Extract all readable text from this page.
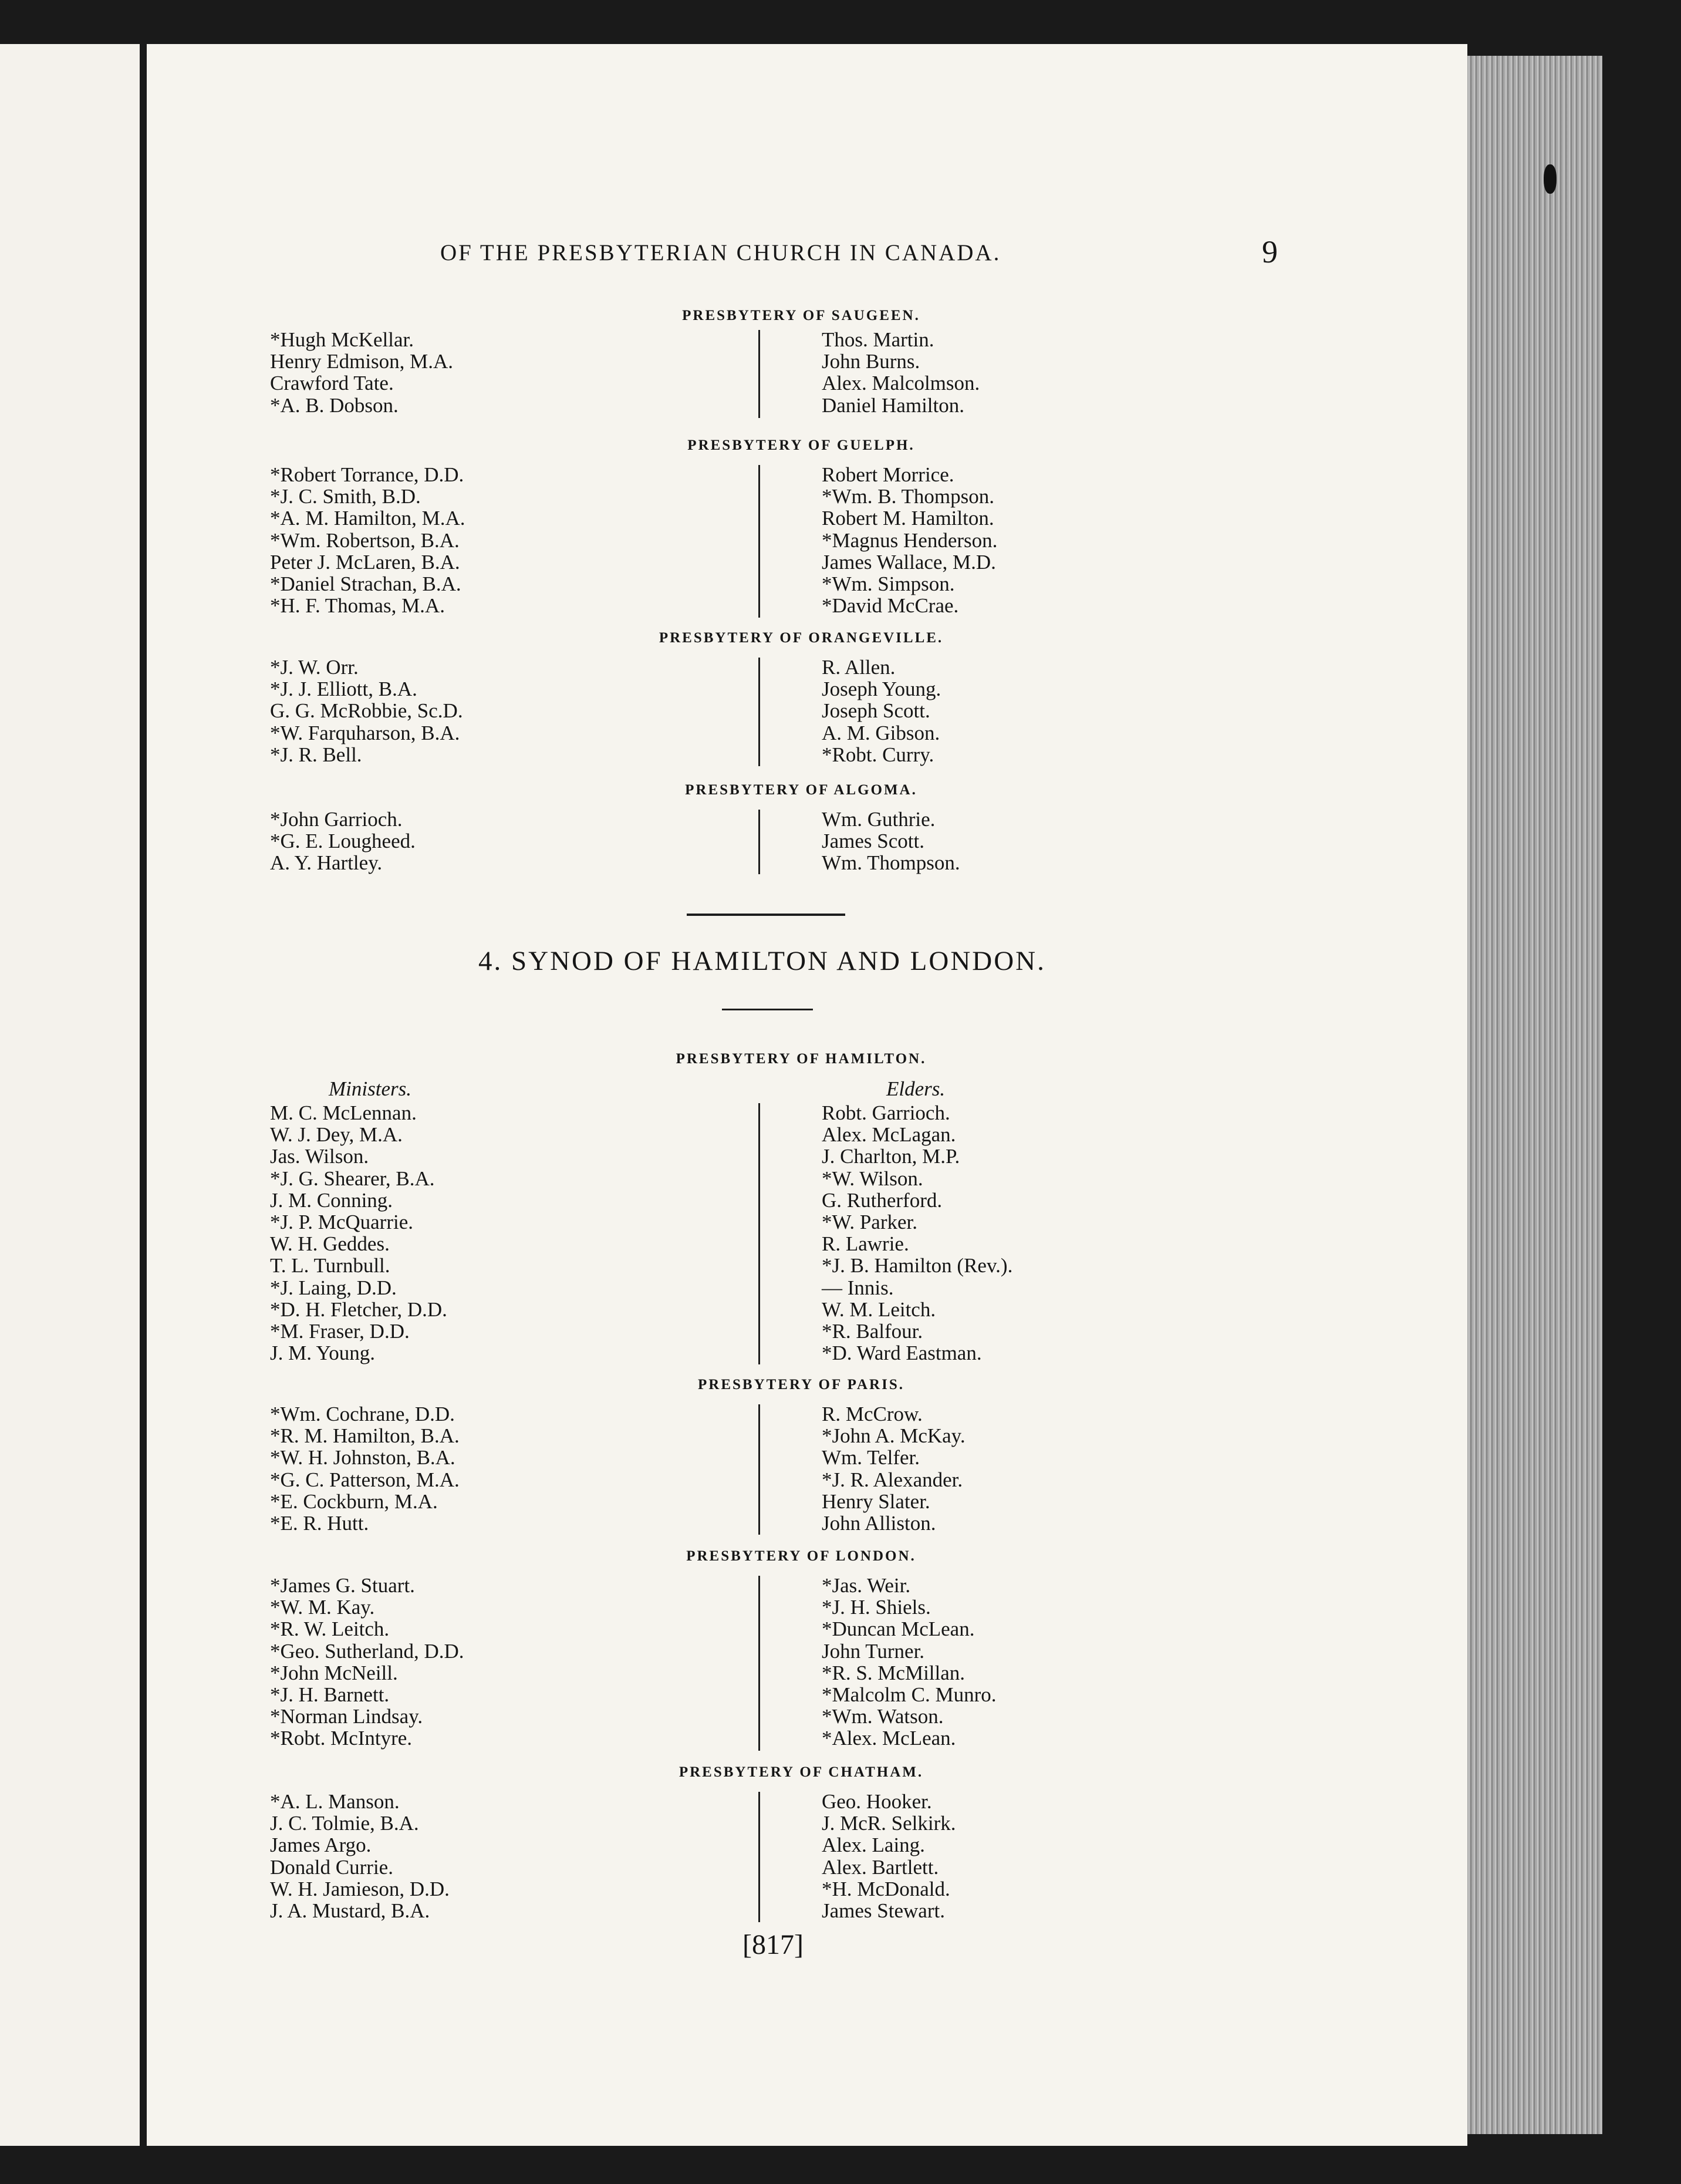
OF THE PRESBYTERIAN CHURCH IN CANADA.	9
PRESBYTERY OF SAUGEEN.
*Hugh McKellar.
Henry Edmison, M.A.
Crawford Tate.
*A. B. Dobson.
Thos. Martin.
John Burns.
Alex. Malcolmson.
Daniel Hamilton.
PRESBYTERY OF GUELPH.
*Robert Torrance, D.D.
*J. C. Smith, B.D.
*A. M. Hamilton, M.A.
*Wm. Robertson, B.A.
Peter J. McLaren, B.A.
*Daniel Strachan, B.A.
*H. F. Thomas, M.A.
Robert Morrice.
*Wm. B. Thompson.
Robert M. Hamilton.
*Magnus Henderson.
James Wallace, M.D.
*Wm. Simpson.
*David McCrae.
PRESBYTERY OF ORANGEVILLE.
*J. W. Orr.
*J. J. Elliott, B.A.
G. G. McRobbie, Sc.D.
*W. Farquharson, B.A.
*J. R. Bell.
R. Allen.
Joseph Young.
Joseph Scott.
A. M. Gibson.
*Robt. Curry.
PRESBYTERY OF ALGOMA.
*John Garrioch.
*G. E. Lougheed.
A. Y. Hartley.
Wm. Guthrie.
James Scott.
Wm. Thompson.
4. SYNOD OF HAMILTON AND LONDON.
PRESBYTERY OF HAMILTON.
Ministers.	Elders.
M. C. McLennan.
W. J. Dey, M.A.
Jas. Wilson.
*J. G. Shearer, B.A.
J. M. Conning.
*J. P. McQuarrie.
W. H. Geddes.
T. L. Turnbull.
*J. Laing, D.D.
*D. H. Fletcher, D.D.
*M. Fraser, D.D.
J. M. Young.
Robt. Garrioch.
Alex. McLagan.
J. Charlton, M.P.
*W. Wilson.
G. Rutherford.
*W. Parker.
R. Lawrie.
*J. B. Hamilton (Rev.).
— Innis.
W. M. Leitch.
*R. Balfour.
*D. Ward Eastman.
PRESBYTERY OF PARIS.
*Wm. Cochrane, D.D.
*R. M. Hamilton, B.A.
*W. H. Johnston, B.A.
*G. C. Patterson, M.A.
*E. Cockburn, M.A.
*E. R. Hutt.
R. McCrow.
*John A. McKay.
Wm. Telfer.
*J. R. Alexander.
Henry Slater.
John Alliston.
PRESBYTERY OF LONDON.
*James G. Stuart.
*W. M. Kay.
*R. W. Leitch.
*Geo. Sutherland, D.D.
*John McNeill.
*J. H. Barnett.
*Norman Lindsay.
*Robt. McIntyre.
*Jas. Weir.
*J. H. Shiels.
*Duncan McLean.
John Turner.
*R. S. McMillan.
*Malcolm C. Munro.
*Wm. Watson.
*Alex. McLean.
PRESBYTERY OF CHATHAM.
*A. L. Manson.
J. C. Tolmie, B.A.
James Argo.
Donald Currie.
W. H. Jamieson, D.D.
J. A. Mustard, B.A.
Geo. Hooker.
J. McR. Selkirk.
Alex. Laing.
Alex. Bartlett.
*H. McDonald.
James Stewart.
[817]
